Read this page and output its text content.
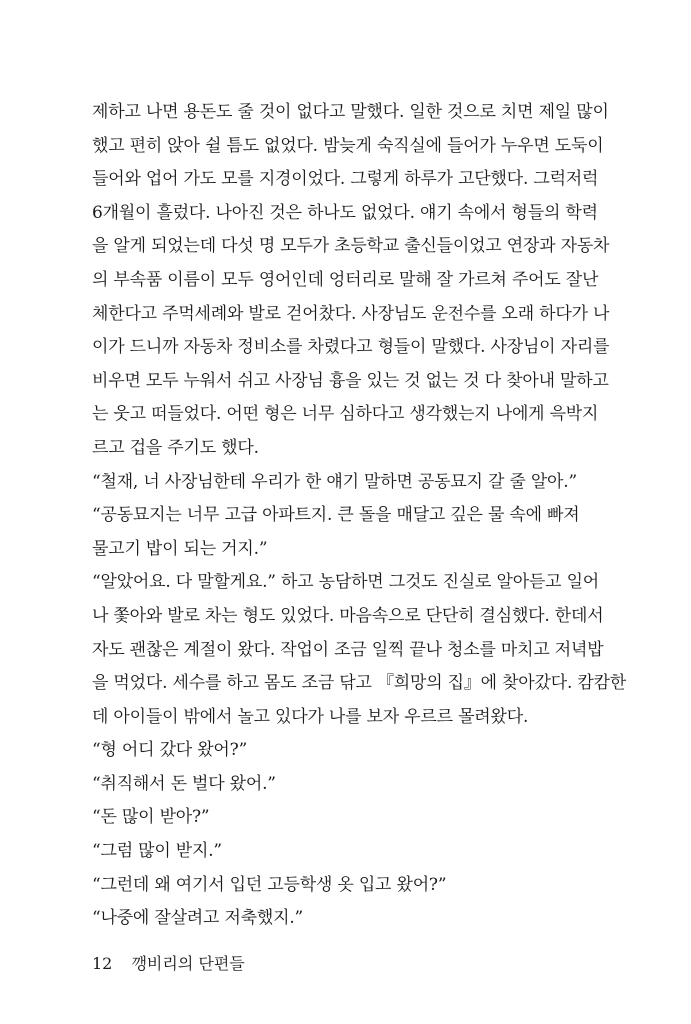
제하고 나면 용돈도 줄 것이 없다고 말했다. 일한 것으로 치면 제일 많이
했고 편히 앉아 쉴 틈도 없었다. 밤늦게 숙직실에 들어가 누우면 도둑이
들어와 업어 가도 모를 지경이었다. 그렇게 하루가 고단했다. 그럭저럭
6개월이 흘렀다. 나아진 것은 하나도 없었다. 얘기 속에서 형들의 학력
을 알게 되었는데 다섯 명 모두가 초등학교 출신들이었고 연장과 자동차
의 부속품 이름이 모두 영어인데 엉터리로 말해 잘 가르쳐 주어도 잘난
체한다고 주먹세례와 발로 걷어찼다. 사장님도 운전수를 오래 하다가 나
이가 드니까 자동차 정비소를 차렸다고 형들이 말했다. 사장님이 자리를
비우면 모두 누워서 쉬고 사장님 흉을 있는 것 없는 것 다 찾아내 말하고
는 웃고 떠들었다. 어떤 형은 너무 심하다고 생각했는지 나에게 윽박지
르고 겁을 주기도 했다.

“철재, 너 사장님한테 우리가 한 얘기 말하면 공동묘지 갈 줄 알아.”

“공동묘지는 너무 고급 아파트지. 큰 돌을 매달고 깊은 물 속에 빠져
물고기 밥이 되는 거지.”

“알았어요. 다 말할게요.” 하고 농담하면 그것도 진실로 알아듣고 일어
나 쫓아와 발로 차는 형도 있었다. 마음속으로 단단히 결심했다. 한데서
자도 괜찮은 계절이 왔다. 작업이 조금 일찍 끝나 청소를 마치고 저녁밥
을 먹었다. 세수를 하고 몸도 조금 닦고 『희망의 집』에 찾아갔다. 캄캄한
데 아이들이 밖에서 놀고 있다가 나를 보자 우르르 몰려왔다.

“형 어디 갔다 왔어?”

“취직해서 돈 벌다 왔어.”

“돈 많이 받아?”

“그럼 많이 받지.”

“그런데 왜 여기서 입던 고등학생 옷 입고 왔어?”

“나중에 잘살려고 저축했지.”

12 깽비리의 단편들
